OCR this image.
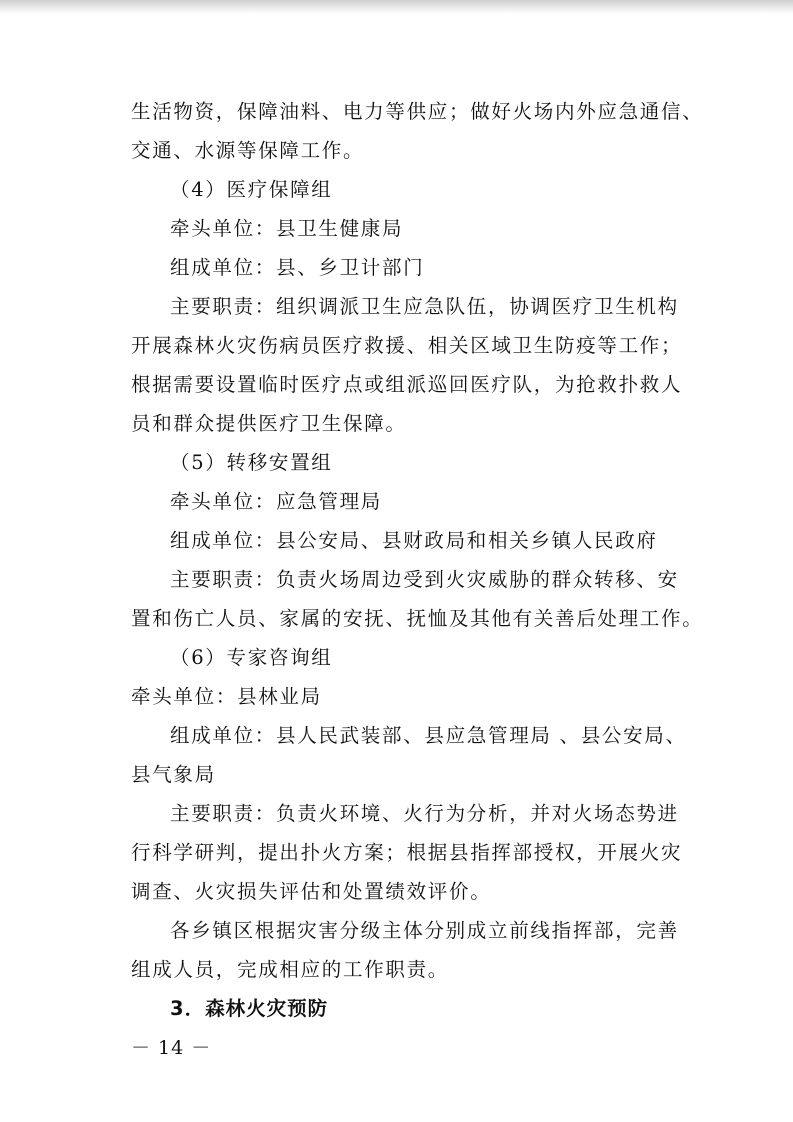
生活物资，保障油料、电力等供应；做好火场内外应急通信、
交通、水源等保障工作。
（4）医疗保障组
牵头单位：县卫生健康局
组成单位：县、乡卫计部门
主要职责：组织调派卫生应急队伍，协调医疗卫生机构
开展森林火灾伤病员医疗救援、相关区域卫生防疫等工作；
根据需要设置临时医疗点或组派巡回医疗队，为抢救扑救人
员和群众提供医疗卫生保障。
（5）转移安置组
牵头单位：应急管理局
组成单位：县公安局、县财政局和相关乡镇人民政府
主要职责：负责火场周边受到火灾威胁的群众转移、安
置和伤亡人员、家属的安抚、抚恤及其他有关善后处理工作。
（6）专家咨询组
牵头单位：县林业局
组成单位：县人民武装部、县应急管理局 、县公安局、
县气象局
主要职责：负责火环境、火行为分析，并对火场态势进
行科学研判，提出扑火方案；根据县指挥部授权，开展火灾
调查、火灾损失评估和处置绩效评价。
各乡镇区根据灾害分级主体分别成立前线指挥部，完善
组成人员，完成相应的工作职责。
3．森林火灾预防
－ 14 －
